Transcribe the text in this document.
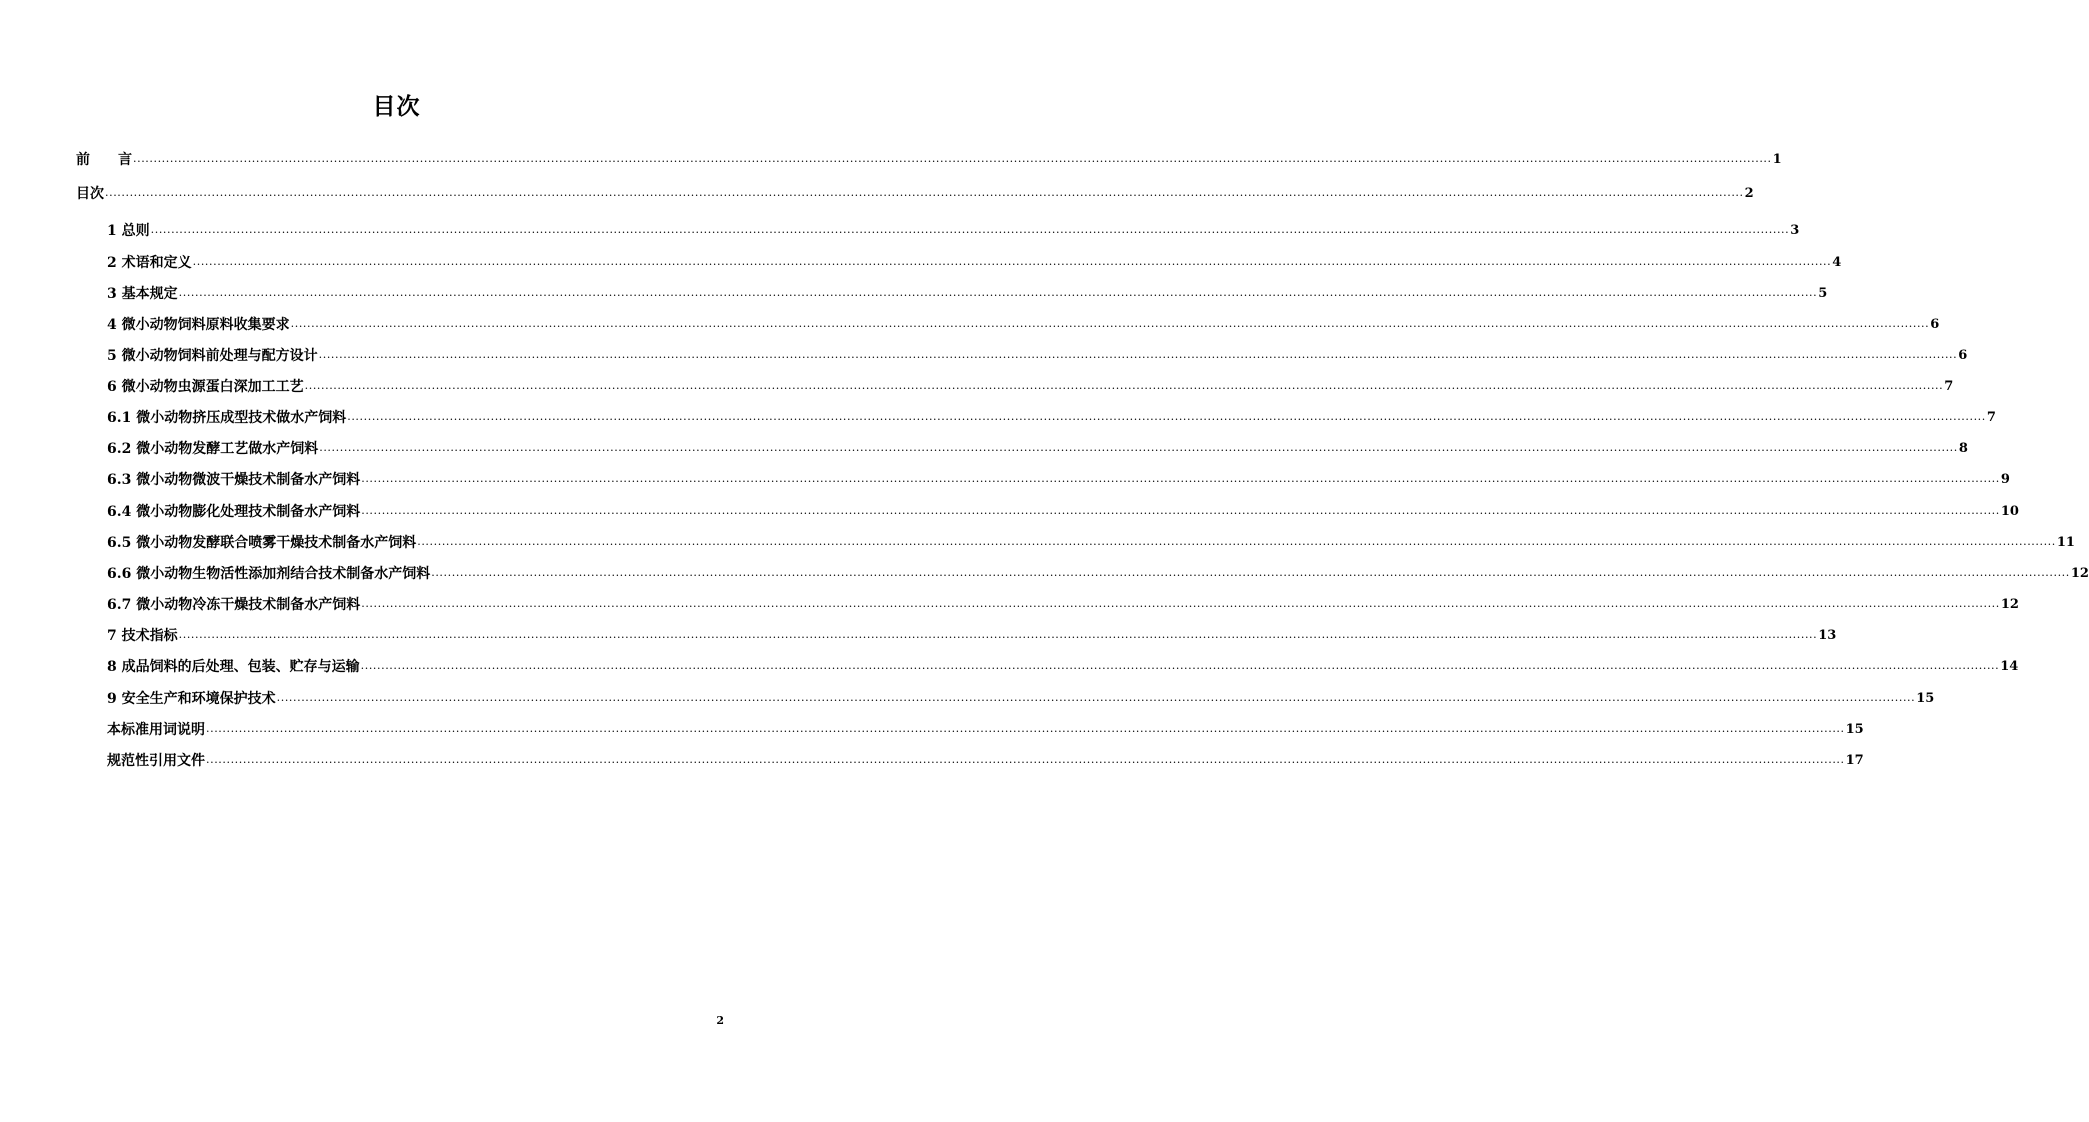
目次
前　　言 ................................................................................................................................................................................................................................................................................................................................................................................................................ 1
目次 ................................................................................................................................................................................................................................................................................................................................................................................................................ 2
1 总则 ................................................................................................................................................................................................................................................................................................................................................................................................................ 3
2 术语和定义 ................................................................................................................................................................................................................................................................................................................................................................................................................ 4
3 基本规定 ................................................................................................................................................................................................................................................................................................................................................................................................................ 5
4 微小动物饲料原料收集要求 ................................................................................................................................................................................................................................................................................................................................................................................................................ 6
5 微小动物饲料前处理与配方设计 ................................................................................................................................................................................................................................................................................................................................................................................................................ 6
6 微小动物虫源蛋白深加工工艺 ................................................................................................................................................................................................................................................................................................................................................................................................................ 7
6.1 微小动物挤压成型技术做水产饲料 ................................................................................................................................................................................................................................................................................................................................................................................................................ 7
6.2 微小动物发酵工艺做水产饲料 ................................................................................................................................................................................................................................................................................................................................................................................................................ 8
6.3 微小动物微波干燥技术制备水产饲料 ................................................................................................................................................................................................................................................................................................................................................................................................................ 9
6.4 微小动物膨化处理技术制备水产饲料 ................................................................................................................................................................................................................................................................................................................................................................................................................ 10
6.5 微小动物发酵联合喷雾干燥技术制备水产饲料 ................................................................................................................................................................................................................................................................................................................................................................................................................ 11
6.6 微小动物生物活性添加剂结合技术制备水产饲料 ................................................................................................................................................................................................................................................................................................................................................................................................................ 12
6.7 微小动物冷冻干燥技术制备水产饲料 ................................................................................................................................................................................................................................................................................................................................................................................................................ 12
7 技术指标 ................................................................................................................................................................................................................................................................................................................................................................................................................ 13
8 成品饲料的后处理、包装、贮存与运输 ................................................................................................................................................................................................................................................................................................................................................................................................................ 14
9 安全生产和环境保护技术 ................................................................................................................................................................................................................................................................................................................................................................................................................ 15
本标准用词说明 ................................................................................................................................................................................................................................................................................................................................................................................................................ 15
规范性引用文件 ................................................................................................................................................................................................................................................................................................................................................................................................................ 17
2
